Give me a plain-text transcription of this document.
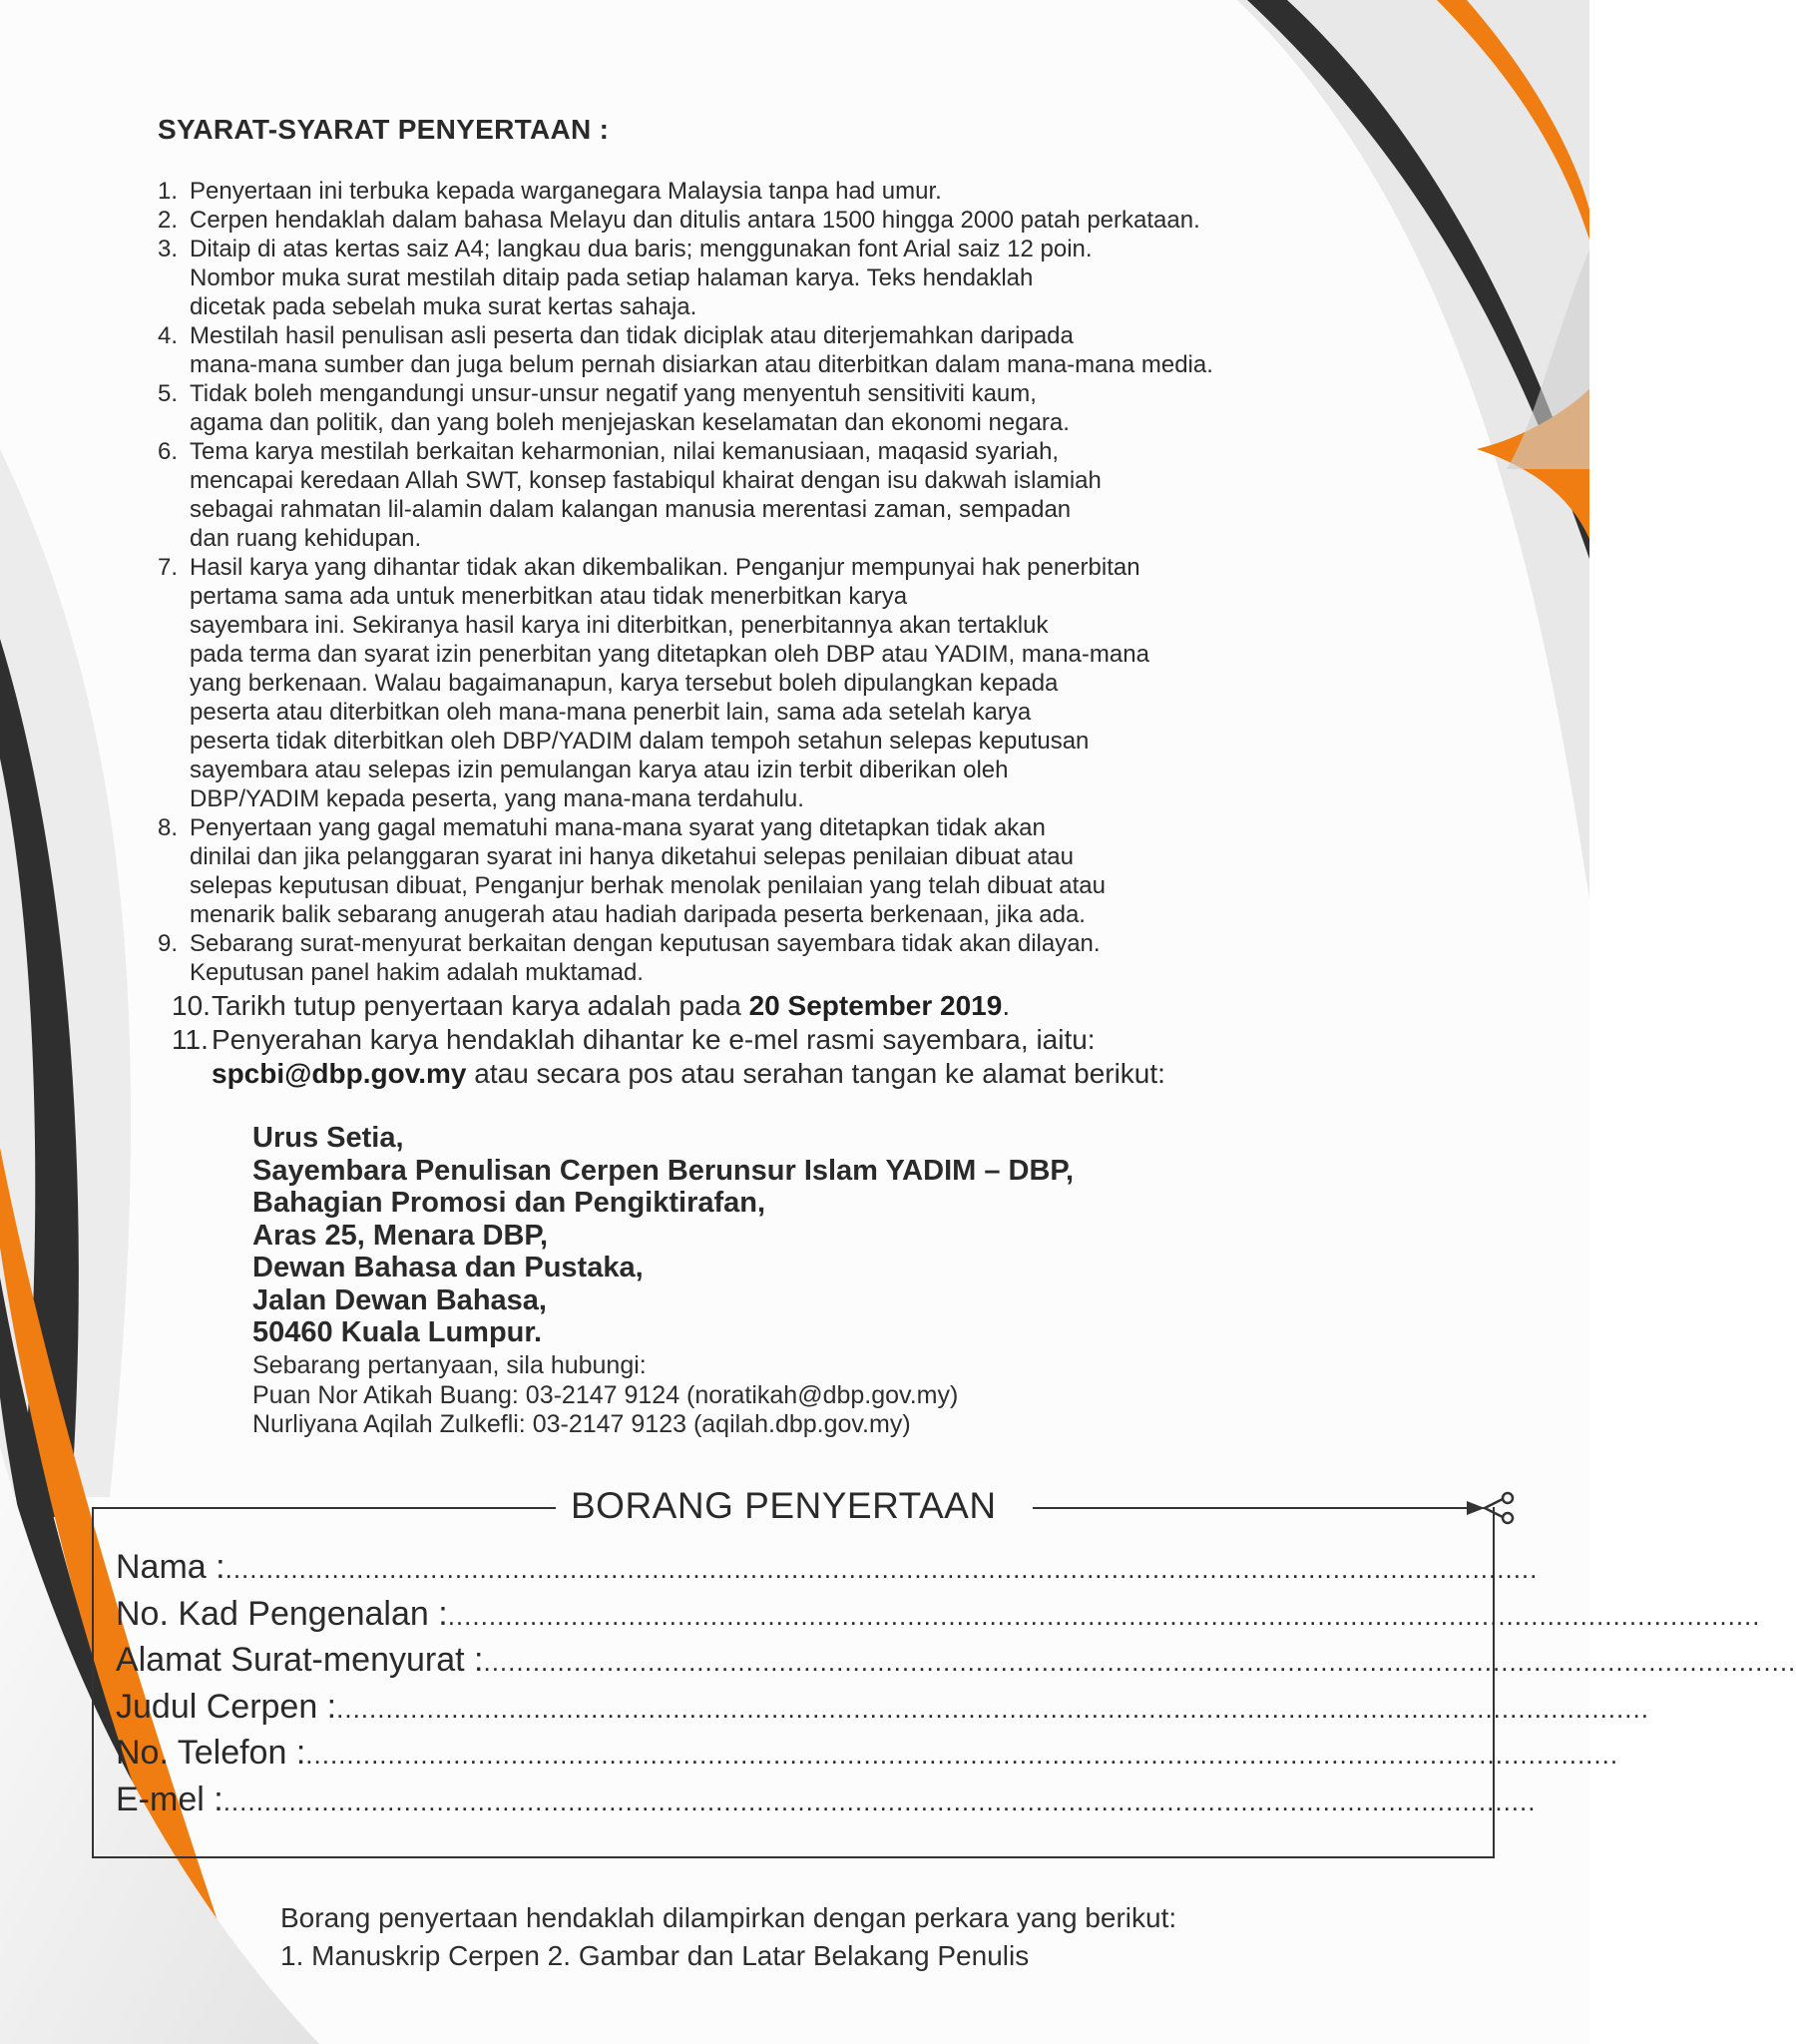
SYARAT-SYARAT PENYERTAAN :
1. Penyertaan ini terbuka kepada warganegara Malaysia tanpa had umur.
2. Cerpen hendaklah dalam bahasa Melayu dan ditulis antara 1500 hingga 2000 patah perkataan.
3. Ditaip di atas kertas saiz A4; langkau dua baris; menggunakan font Arial saiz 12 poin.
Nombor muka surat mestilah ditaip pada setiap halaman karya. Teks hendaklah
dicetak pada sebelah muka surat kertas sahaja.
4. Mestilah hasil penulisan asli peserta dan tidak diciplak atau diterjemahkan daripada
mana-mana sumber dan juga belum pernah disiarkan atau diterbitkan dalam mana-mana media.
5. Tidak boleh mengandungi unsur-unsur negatif yang menyentuh sensitiviti kaum,
agama dan politik, dan yang boleh menjejaskan keselamatan dan ekonomi negara.
6. Tema karya mestilah berkaitan keharmonian, nilai kemanusiaan, maqasid syariah,
mencapai keredaan Allah SWT, konsep fastabiqul khairat dengan isu dakwah islamiah
sebagai rahmatan lil-alamin dalam kalangan manusia merentasi zaman, sempadan
dan ruang kehidupan.
7. Hasil karya yang dihantar tidak akan dikembalikan. Penganjur mempunyai hak penerbitan
pertama sama ada untuk menerbitkan atau tidak menerbitkan karya
sayembara ini. Sekiranya hasil karya ini diterbitkan, penerbitannya akan tertakluk
pada terma dan syarat izin penerbitan yang ditetapkan oleh DBP atau YADIM, mana-mana
yang berkenaan. Walau bagaimanapun, karya tersebut boleh dipulangkan kepada
peserta atau diterbitkan oleh mana-mana penerbit lain, sama ada setelah karya
peserta tidak diterbitkan oleh DBP/YADIM dalam tempoh setahun selepas keputusan
sayembara atau selepas izin pemulangan karya atau izin terbit diberikan oleh
DBP/YADIM kepada peserta, yang mana-mana terdahulu.
8. Penyertaan yang gagal mematuhi mana-mana syarat yang ditetapkan tidak akan
dinilai dan jika pelanggaran syarat ini hanya diketahui selepas penilaian dibuat atau
selepas keputusan dibuat, Penganjur berhak menolak penilaian yang telah dibuat atau
menarik balik sebarang anugerah atau hadiah daripada peserta berkenaan, jika ada.
9. Sebarang surat-menyurat berkaitan dengan keputusan sayembara tidak akan dilayan.
Keputusan panel hakim adalah muktamad.
10. Tarikh tutup penyertaan karya adalah pada 20 September 2019.
11. Penyerahan karya hendaklah dihantar ke e-mel rasmi sayembara, iaitu:
spcbi@dbp.gov.my atau secara pos atau serahan tangan ke alamat berikut:
Urus Setia,
Sayembara Penulisan Cerpen Berunsur Islam YADIM – DBP,
Bahagian Promosi dan Pengiktirafan,
Aras 25, Menara DBP,
Dewan Bahasa dan Pustaka,
Jalan Dewan Bahasa,
50460 Kuala Lumpur.
Sebarang pertanyaan, sila hubungi:
Puan Nor Atikah Buang: 03-2147 9124 (noratikah@dbp.gov.my)
Nurliyana Aqilah Zulkefli: 03-2147 9123 (aqilah.dbp.gov.my)
BORANG PENYERTAAN
Nama : ................................................................................................................................................................
No. Kad Pengenalan : ................................................................................................................................................................
Alamat Surat-menyurat : ................................................................................................................................................................
Judul Cerpen : ................................................................................................................................................................
No. Telefon : ................................................................................................................................................................
E-mel : ................................................................................................................................................................
Borang penyertaan hendaklah dilampirkan dengan perkara yang berikut:
1. Manuskrip Cerpen 2. Gambar dan Latar Belakang Penulis
